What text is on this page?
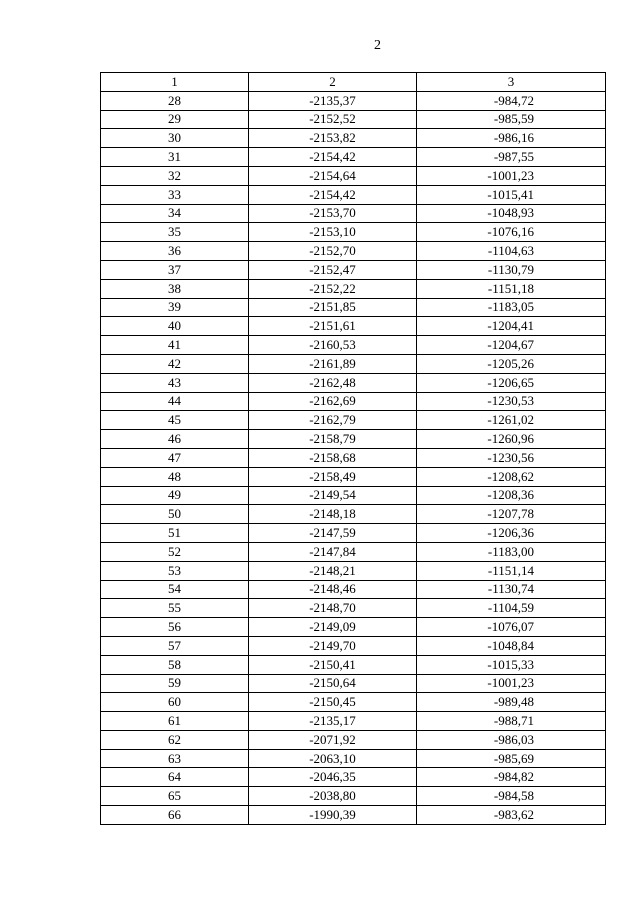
2
1	2	3
28	-2135,37	-984,72
29	-2152,52	-985,59
30	-2153,82	-986,16
31	-2154,42	-987,55
32	-2154,64	-1001,23
33	-2154,42	-1015,41
34	-2153,70	-1048,93
35	-2153,10	-1076,16
36	-2152,70	-1104,63
37	-2152,47	-1130,79
38	-2152,22	-1151,18
39	-2151,85	-1183,05
40	-2151,61	-1204,41
41	-2160,53	-1204,67
42	-2161,89	-1205,26
43	-2162,48	-1206,65
44	-2162,69	-1230,53
45	-2162,79	-1261,02
46	-2158,79	-1260,96
47	-2158,68	-1230,56
48	-2158,49	-1208,62
49	-2149,54	-1208,36
50	-2148,18	-1207,78
51	-2147,59	-1206,36
52	-2147,84	-1183,00
53	-2148,21	-1151,14
54	-2148,46	-1130,74
55	-2148,70	-1104,59
56	-2149,09	-1076,07
57	-2149,70	-1048,84
58	-2150,41	-1015,33
59	-2150,64	-1001,23
60	-2150,45	-989,48
61	-2135,17	-988,71
62	-2071,92	-986,03
63	-2063,10	-985,69
64	-2046,35	-984,82
65	-2038,80	-984,58
66	-1990,39	-983,62
